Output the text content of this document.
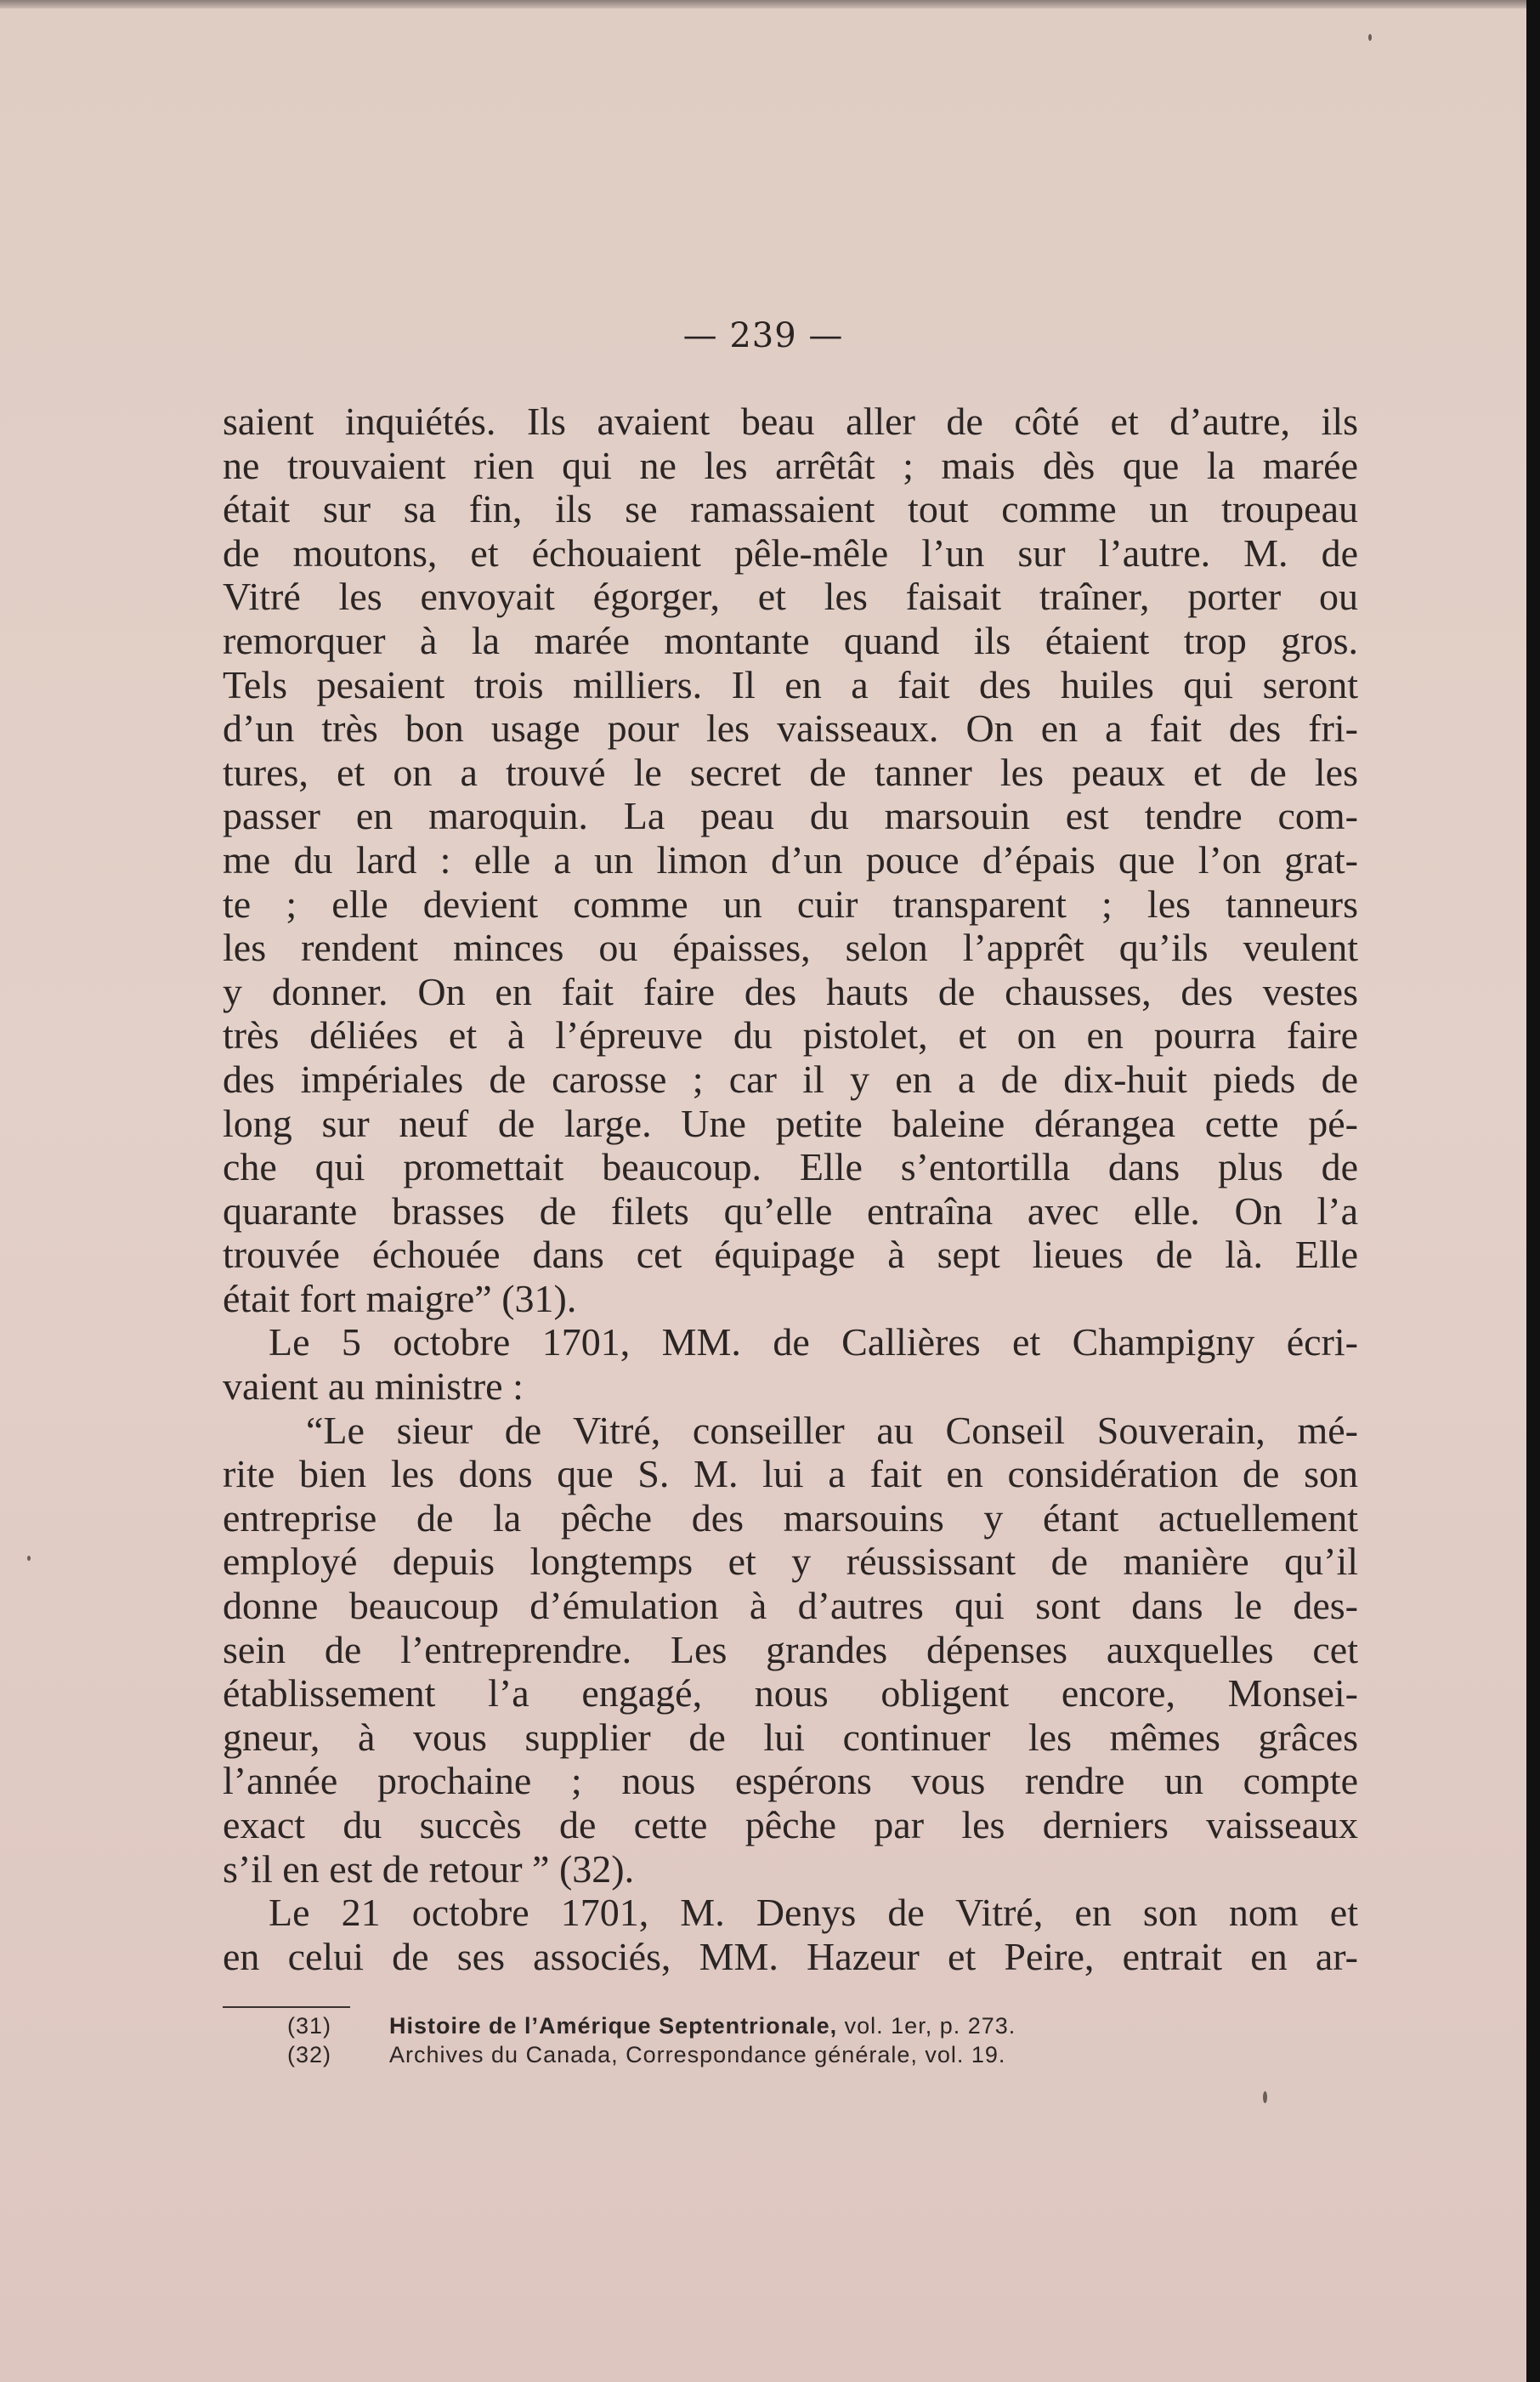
— 239 —
saient inquiétés. Ils avaient beau aller de côté et d’autre, ils
ne trouvaient rien qui ne les arrêtât ; mais dès que la marée
était sur sa fin, ils se ramassaient tout comme un troupeau
de moutons, et échouaient pêle-mêle l’un sur l’autre. M. de
Vitré les envoyait égorger, et les faisait traîner, porter ou
remorquer à la marée montante quand ils étaient trop gros.
Tels pesaient trois milliers. Il en a fait des huiles qui seront
d’un très bon usage pour les vaisseaux. On en a fait des fri-
tures, et on a trouvé le secret de tanner les peaux et de les
passer en maroquin. La peau du marsouin est tendre com-
me du lard : elle a un limon d’un pouce d’épais que l’on grat-
te ; elle devient comme un cuir transparent ; les tanneurs
les rendent minces ou épaisses, selon l’apprêt qu’ils veulent
y donner. On en fait faire des hauts de chausses, des vestes
très déliées et à l’épreuve du pistolet, et on en pourra faire
des impériales de carosse ; car il y en a de dix-huit pieds de
long sur neuf de large. Une petite baleine dérangea cette pé-
che qui promettait beaucoup. Elle s’entortilla dans plus de
quarante brasses de filets qu’elle entraîna avec elle. On l’a
trouvée échouée dans cet équipage à sept lieues de là. Elle
était fort maigre” (31).
Le 5 octobre 1701, MM. de Callières et Champigny écri-
vaient au ministre :
“Le sieur de Vitré, conseiller au Conseil Souverain, mé-
rite bien les dons que S. M. lui a fait en considération de son
entreprise de la pêche des marsouins y étant actuellement
employé depuis longtemps et y réussissant de manière qu’il
donne beaucoup d’émulation à d’autres qui sont dans le des-
sein de l’entreprendre. Les grandes dépenses auxquelles cet
établissement l’a engagé, nous obligent encore, Monsei-
gneur, à vous supplier de lui continuer les mêmes grâces
l’année prochaine ; nous espérons vous rendre un compte
exact du succès de cette pêche par les derniers vaisseaux
s’il en est de retour ” (32).
Le 21 octobre 1701, M. Denys de Vitré, en son nom et
en celui de ses associés, MM. Hazeur et Peire, entrait en ar-
(31)	Histoire de l’Amérique Septentrionale, vol. 1er, p. 273.
(32)	Archives du Canada, Correspondance générale, vol. 19.
